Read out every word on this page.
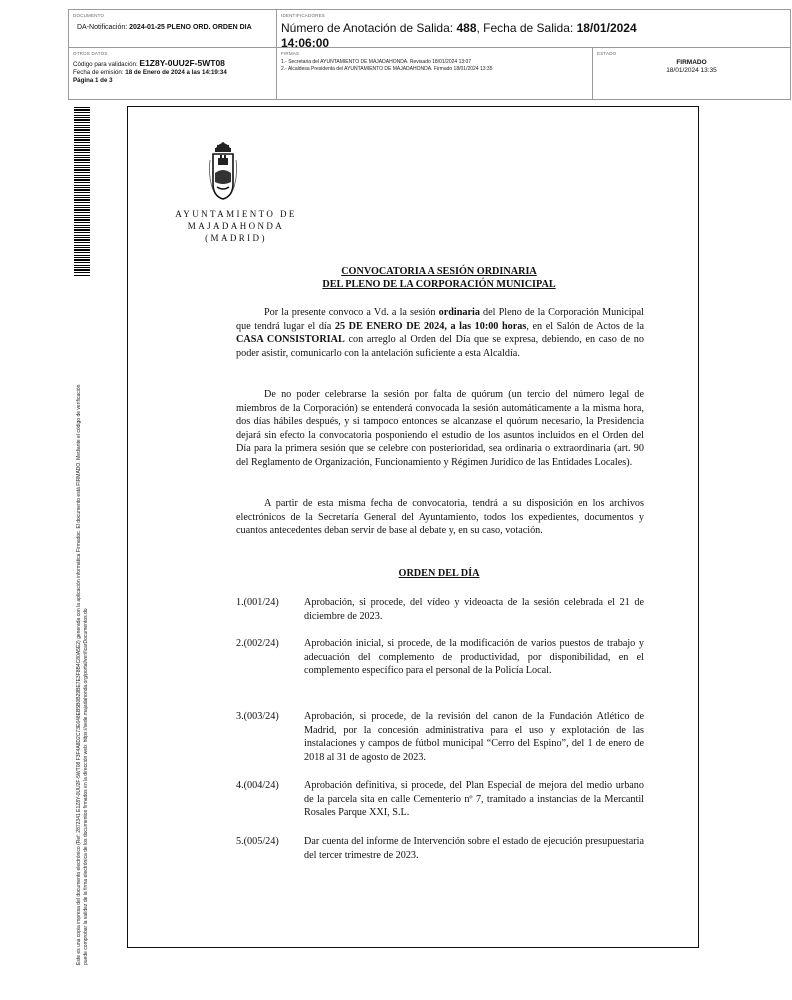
DOCUMENTO
DA-Notificación: 2024-01-25 PLENO ORD. ORDEN DIA
IDENTIFICADORES
Número de Anotación de Salida: 488, Fecha de Salida: 18/01/2024 14:06:00
OTROS DATOS
Código para validación: E1Z8Y-0UU2F-5WT08
Fecha de emisión: 18 de Enero de 2024 a las 14:19:34
Página 1 de 3
FIRMAS
1.- Secretaria del AYUNTAMIENTO DE MAJADAHONDA. Revisado 18/01/2024 13:07
2.- Alcaldesa Presidenta del AYUNTAMIENTO DE MAJADAHONDA. Firmado 18/01/2024 13:35
ESTADO
FIRMADO
18/01/2024 13:35
Este es una copia impresa del documento electrónico (Ref: 2872341 E1Z8Y-0UU2F-5WT08 F3F4A8D2C73E648EB5B0B29BE7E3F8B4C80A5E2) generada con la aplicación informática Firmadoc. El documento está FIRMADO. Mediante el código de verificación puede comprobar la validez de la firma electrónica de los documentos firmados en la dirección web: https://sede.majadahonda.org/portal/verificarDocumentos.do
AYUNTAMIENTO DE
MAJADAHONDA
(MADRID)
CONVOCATORIA A SESIÓN ORDINARIA
DEL PLENO DE LA CORPORACIÓN MUNICIPAL
Por la presente convoco a Vd. a la sesión ordinaria del Pleno de la Corporación Municipal que tendrá lugar el día 25 DE ENERO DE 2024, a las 10:00 horas, en el Salón de Actos de la CASA CONSISTORIAL con arreglo al Orden del Día que se expresa, debiendo, en caso de no poder asistir, comunicarlo con la antelación suficiente a esta Alcaldía.
De no poder celebrarse la sesión por falta de quórum (un tercio del número legal de miembros de la Corporación) se entenderá convocada la sesión automáticamente a la misma hora, dos días hábiles después, y si tampoco entonces se alcanzase el quórum necesario, la Presidencia dejará sin efecto la convocatoria posponiendo el estudio de los asuntos incluidos en el Orden del Día para la primera sesión que se celebre con posterioridad, sea ordinaria o extraordinaria (art. 90 del Reglamento de Organización, Funcionamiento y Régimen Jurídico de las Entidades Locales).
A partir de esta misma fecha de convocatoria, tendrá a su disposición en los archivos electrónicos de la Secretaría General del Ayuntamiento, todos los expedientes, documentos y cuantos antecedentes deban servir de base al debate y, en su caso, votación.
ORDEN DEL DÍA
1.(001/24) Aprobación, si procede, del vídeo y videoacta de la sesión celebrada el 21 de diciembre de 2023.
2.(002/24) Aprobación inicial, si procede, de la modificación de varios puestos de trabajo y adecuación del complemento de productividad, por disponibilidad, en el complemento específico para el personal de la Policía Local.
3.(003/24) Aprobación, si procede, de la revisión del canon de la Fundación Atlético de Madrid, por la concesión administrativa para el uso y explotación de las instalaciones y campos de fútbol municipal “Cerro del Espino”, del 1 de enero de 2018 al 31 de agosto de 2023.
4.(004/24) Aprobación definitiva, si procede, del Plan Especial de mejora del medio urbano de la parcela sita en calle Cementerio nº 7, tramitado a instancias de la Mercantil Rosales Parque XXI, S.L.
5.(005/24) Dar cuenta del informe de Intervención sobre el estado de ejecución presupuestaria del tercer trimestre de 2023.
